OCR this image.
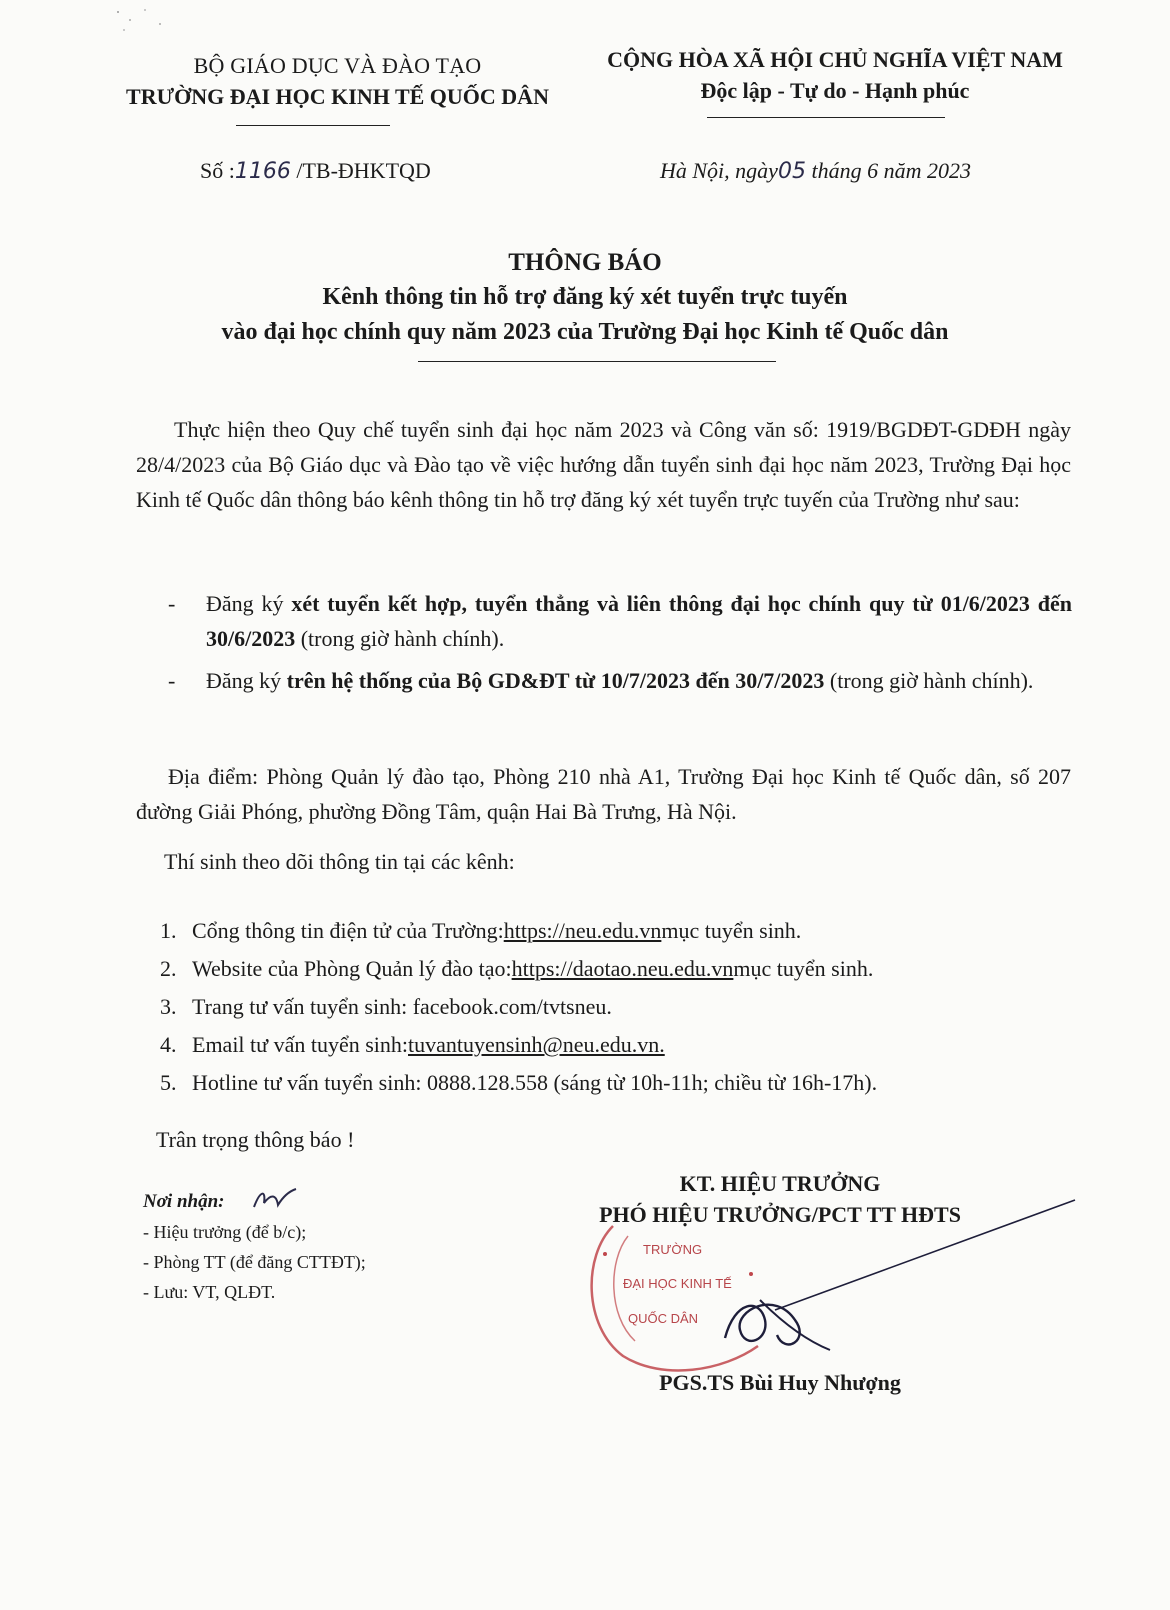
BỘ GIÁO DỤC VÀ ĐÀO TẠO
TRƯỜNG ĐẠI HỌC KINH TẾ QUỐC DÂN
CỘNG HÒA XÃ HỘI CHỦ NGHĨA VIỆT NAM
Độc lập - Tự do - Hạnh phúc
Số :1166 /TB-ĐHKTQD	Hà Nội, ngày05 tháng 6 năm 2023
THÔNG BÁO
Kênh thông tin hỗ trợ đăng ký xét tuyển trực tuyến
vào đại học chính quy năm 2023 của Trường Đại học Kinh tế Quốc dân
Thực hiện theo Quy chế tuyển sinh đại học năm 2023 và Công văn số: 1919/BGDĐT-GDĐH ngày 28/4/2023 của Bộ Giáo dục và Đào tạo về việc hướng dẫn tuyển sinh đại học năm 2023, Trường Đại học Kinh tế Quốc dân thông báo kênh thông tin hỗ trợ đăng ký xét tuyển trực tuyến của Trường như sau:
-	Đăng ký xét tuyển kết hợp, tuyển thẳng và liên thông đại học chính quy từ 01/6/2023 đến 30/6/2023 (trong giờ hành chính).
-	Đăng ký trên hệ thống của Bộ GD&ĐT từ 10/7/2023 đến 30/7/2023 (trong giờ hành chính).
Địa điểm: Phòng Quản lý đào tạo, Phòng 210 nhà A1, Trường Đại học Kinh tế Quốc dân, số 207 đường Giải Phóng, phường Đồng Tâm, quận Hai Bà Trưng, Hà Nội.
Thí sinh theo dõi thông tin tại các kênh:
1. Cổng thông tin điện tử của Trường: https://neu.edu.vn mục tuyển sinh.
2. Website của Phòng Quản lý đào tạo: https://daotao.neu.edu.vn mục tuyển sinh.
3. Trang tư vấn tuyển sinh: facebook.com/tvtsneu.
4. Email tư vấn tuyển sinh: tuvantuyensinh@neu.edu.vn.
5. Hotline tư vấn tuyển sinh: 0888.128.558 (sáng từ 10h-11h; chiều từ 16h-17h).
Trân trọng thông báo !
Nơi nhận:
- Hiệu trưởng (để b/c);
- Phòng TT (để đăng CTTĐT);
- Lưu: VT, QLĐT.
KT. HIỆU TRƯỞNG
PHÓ HIỆU TRƯỞNG/PCT TT HĐTS
TRƯỜNG
ĐẠI HỌC KINH TẾ
QUỐC DÂN
PGS.TS Bùi Huy Nhượng
